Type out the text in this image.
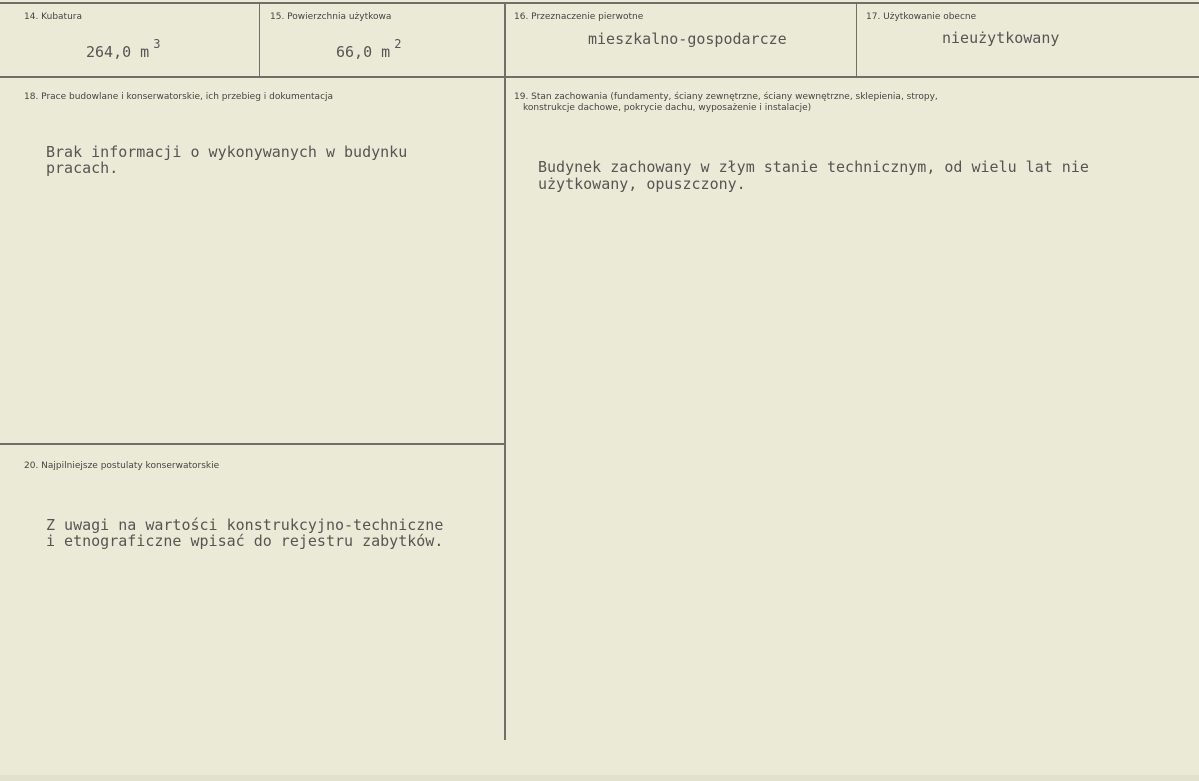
14. Kubatura
264,0 m $^3$
15. Powierzchnia użytkowa
66,0 m $^2$
16. Przeznaczenie pierwotne
mieszkalno-gospodarcze
17. Użytkowanie obecne
nieużytkowany
18. Prace budowlane i konserwatorskie, ich przebieg i dokumentacja
Brak informacji o wykonywanych w budynku
pracach.
19. Stan zachowania (fundamenty, ściany zewnętrzne, ściany wewnętrzne, sklepienia, stropy,
konstrukcje dachowe, pokrycie dachu, wyposażenie i instalacje)
Budynek zachowany w złym stanie technicznym, od wielu lat nie
użytkowany, opuszczony.
20. Najpilniejsze postulaty konserwatorskie
Z uwagi na wartości konstrukcyjno-techniczne
i etnograficzne wpisać do rejestru zabytków.
